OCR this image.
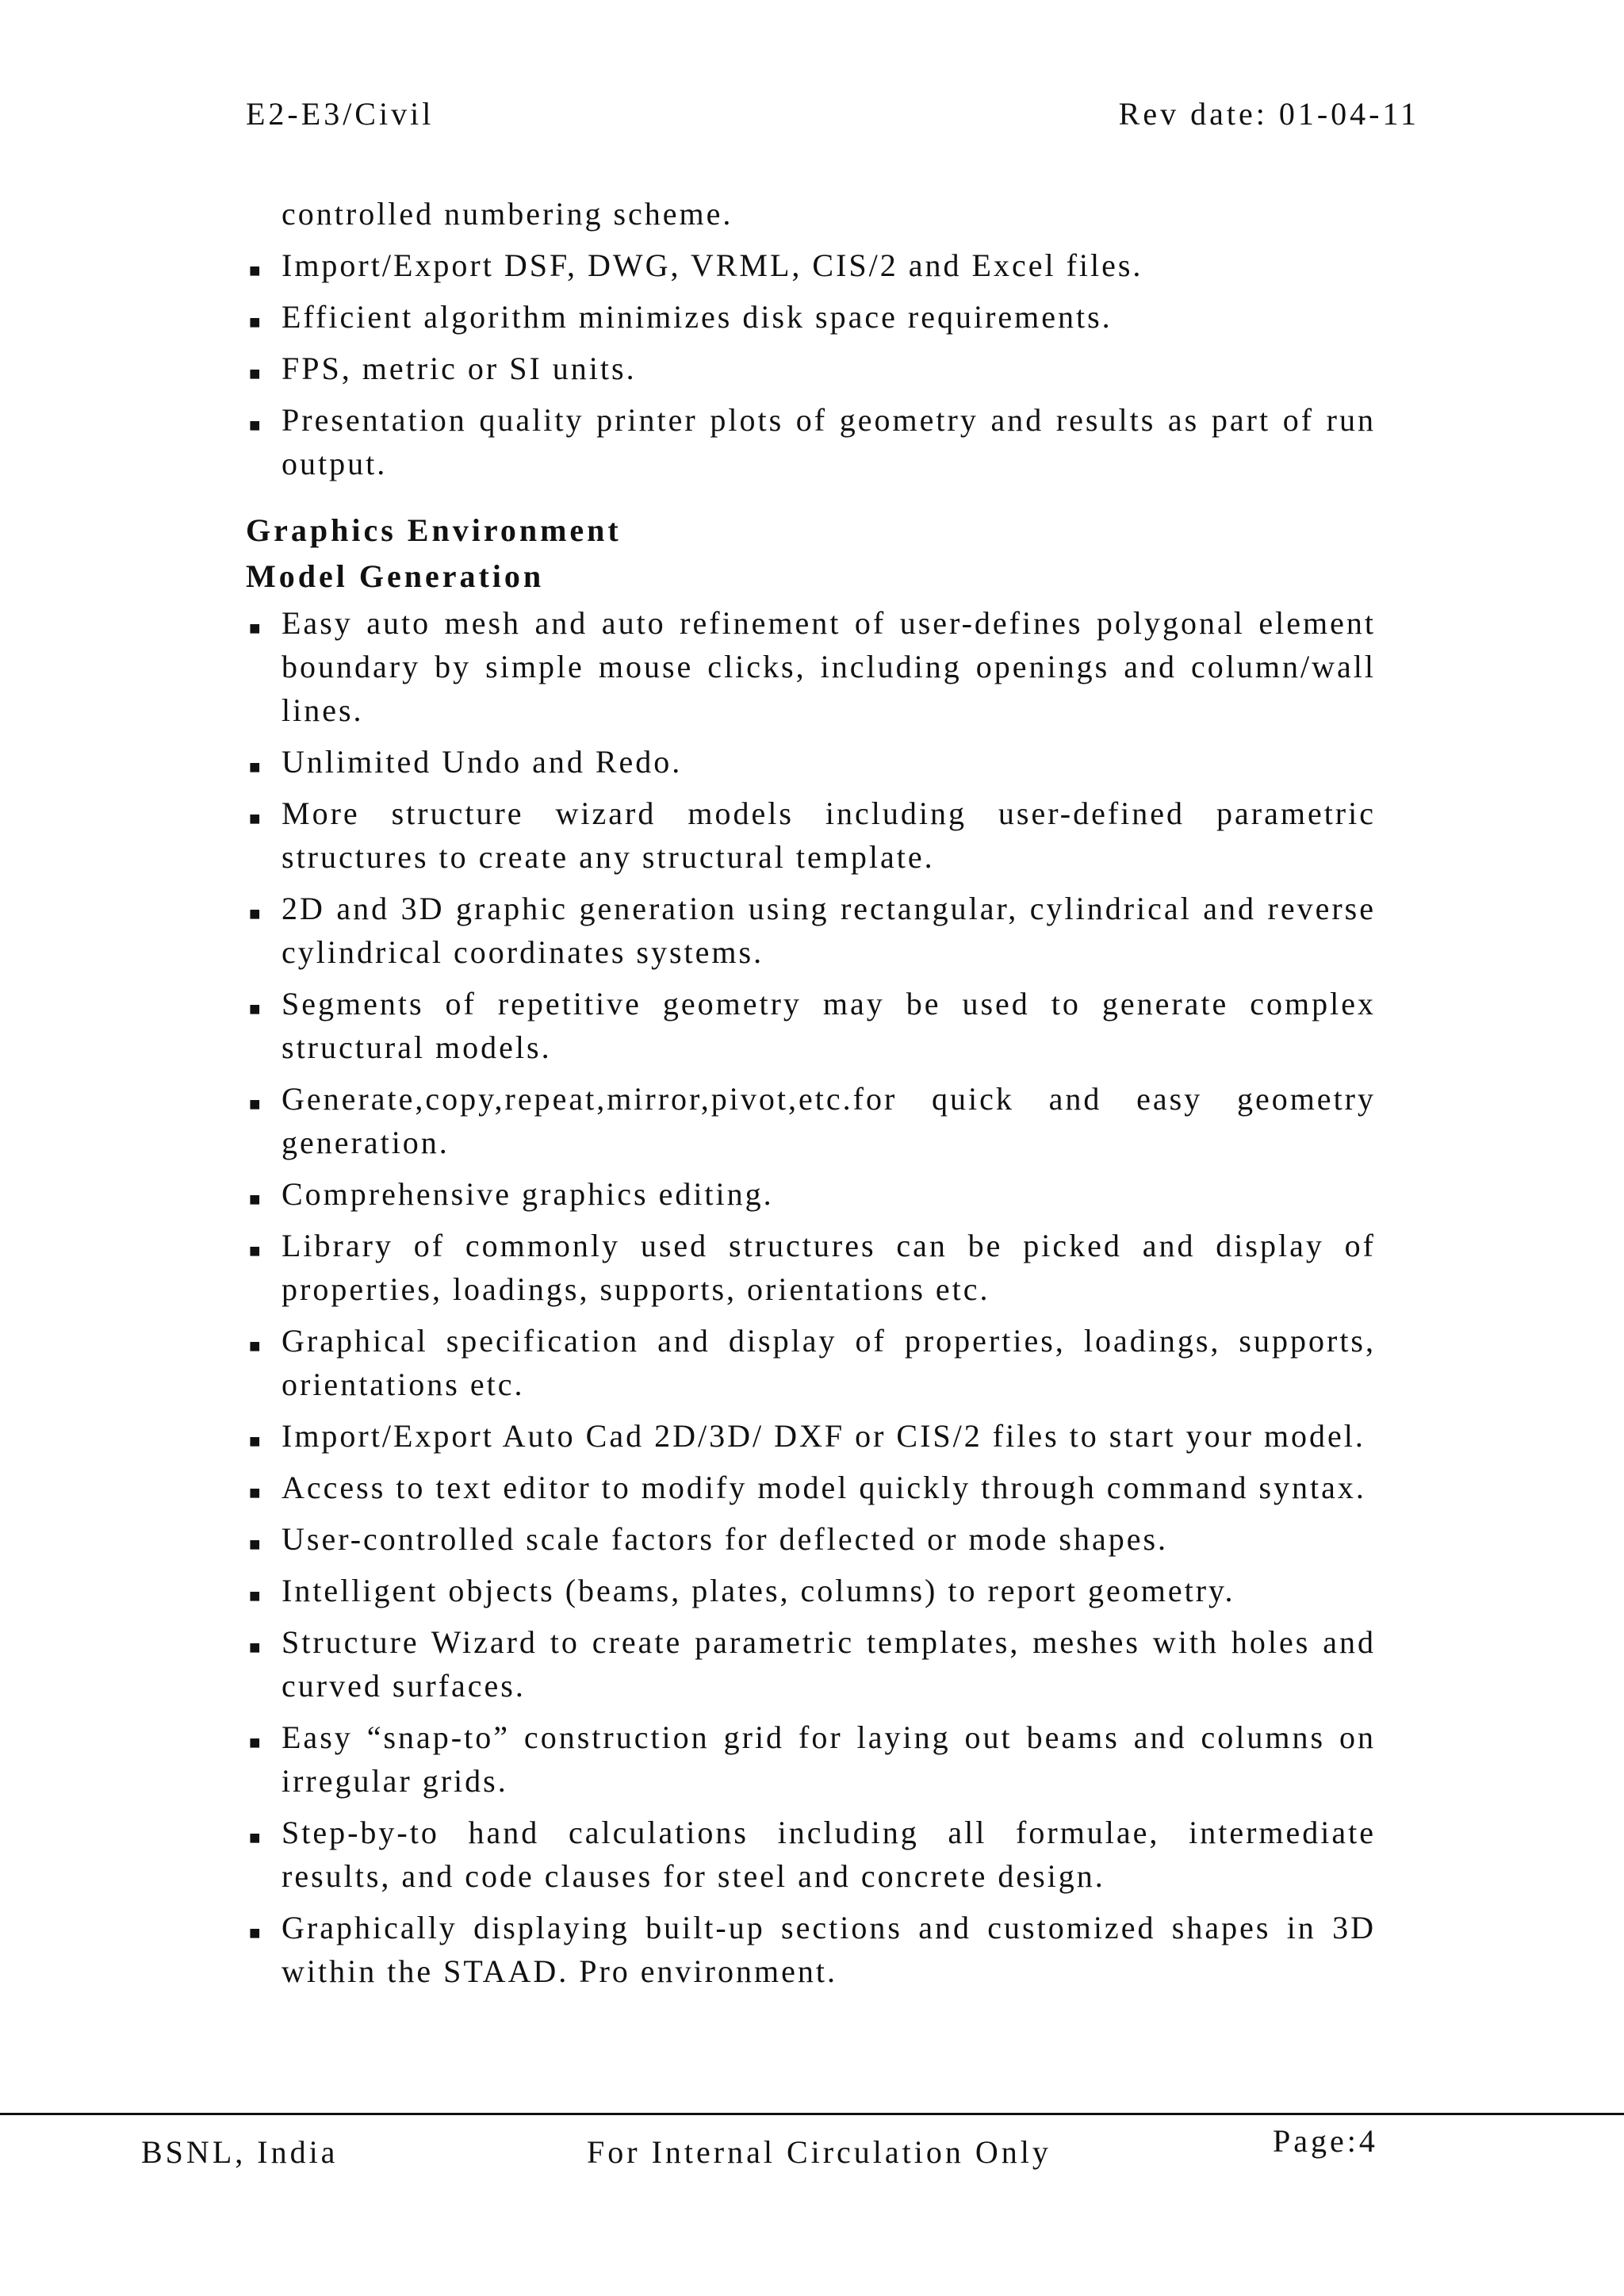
E2-E3/Civil	Rev date: 01-04-11
controlled numbering scheme.
■ Import/Export DSF, DWG, VRML, CIS/2 and Excel files.
■ Efficient algorithm minimizes disk space requirements.
■ FPS, metric or SI units.
■ Presentation quality printer plots of geometry and results as part of run output.
Graphics Environment
Model Generation
■ Easy auto mesh and auto refinement of user-defines polygonal element boundary by simple mouse clicks, including openings and column/wall lines.
■ Unlimited Undo and Redo.
■ More structure wizard models including user-defined parametric structures to create any structural template.
■ 2D and 3D graphic generation using rectangular, cylindrical and reverse cylindrical coordinates systems.
■ Segments of repetitive geometry may be used to generate complex structural models.
■ Generate,copy,repeat,mirror,pivot,etc.for quick and easy geometry generation.
■ Comprehensive graphics editing.
■ Library of commonly used structures can be picked and display of properties, loadings, supports, orientations etc.
■ Graphical specification and display of properties, loadings, supports, orientations etc.
■ Import/Export Auto Cad 2D/3D/ DXF or CIS/2 files to start your model.
■ Access to text editor to modify model quickly through command syntax.
■ User-controlled scale factors for deflected or mode shapes.
■ Intelligent objects (beams, plates, columns) to report geometry.
■ Structure Wizard to create parametric templates, meshes with holes and curved surfaces.
■ Easy “snap-to” construction grid for laying out beams and columns on irregular grids.
■ Step-by-to hand calculations including all formulae, intermediate results, and code clauses for steel and concrete design.
■ Graphically displaying built-up sections and customized shapes in 3D within the STAAD. Pro environment.
BSNL, India	For Internal Circulation Only	Page:4
